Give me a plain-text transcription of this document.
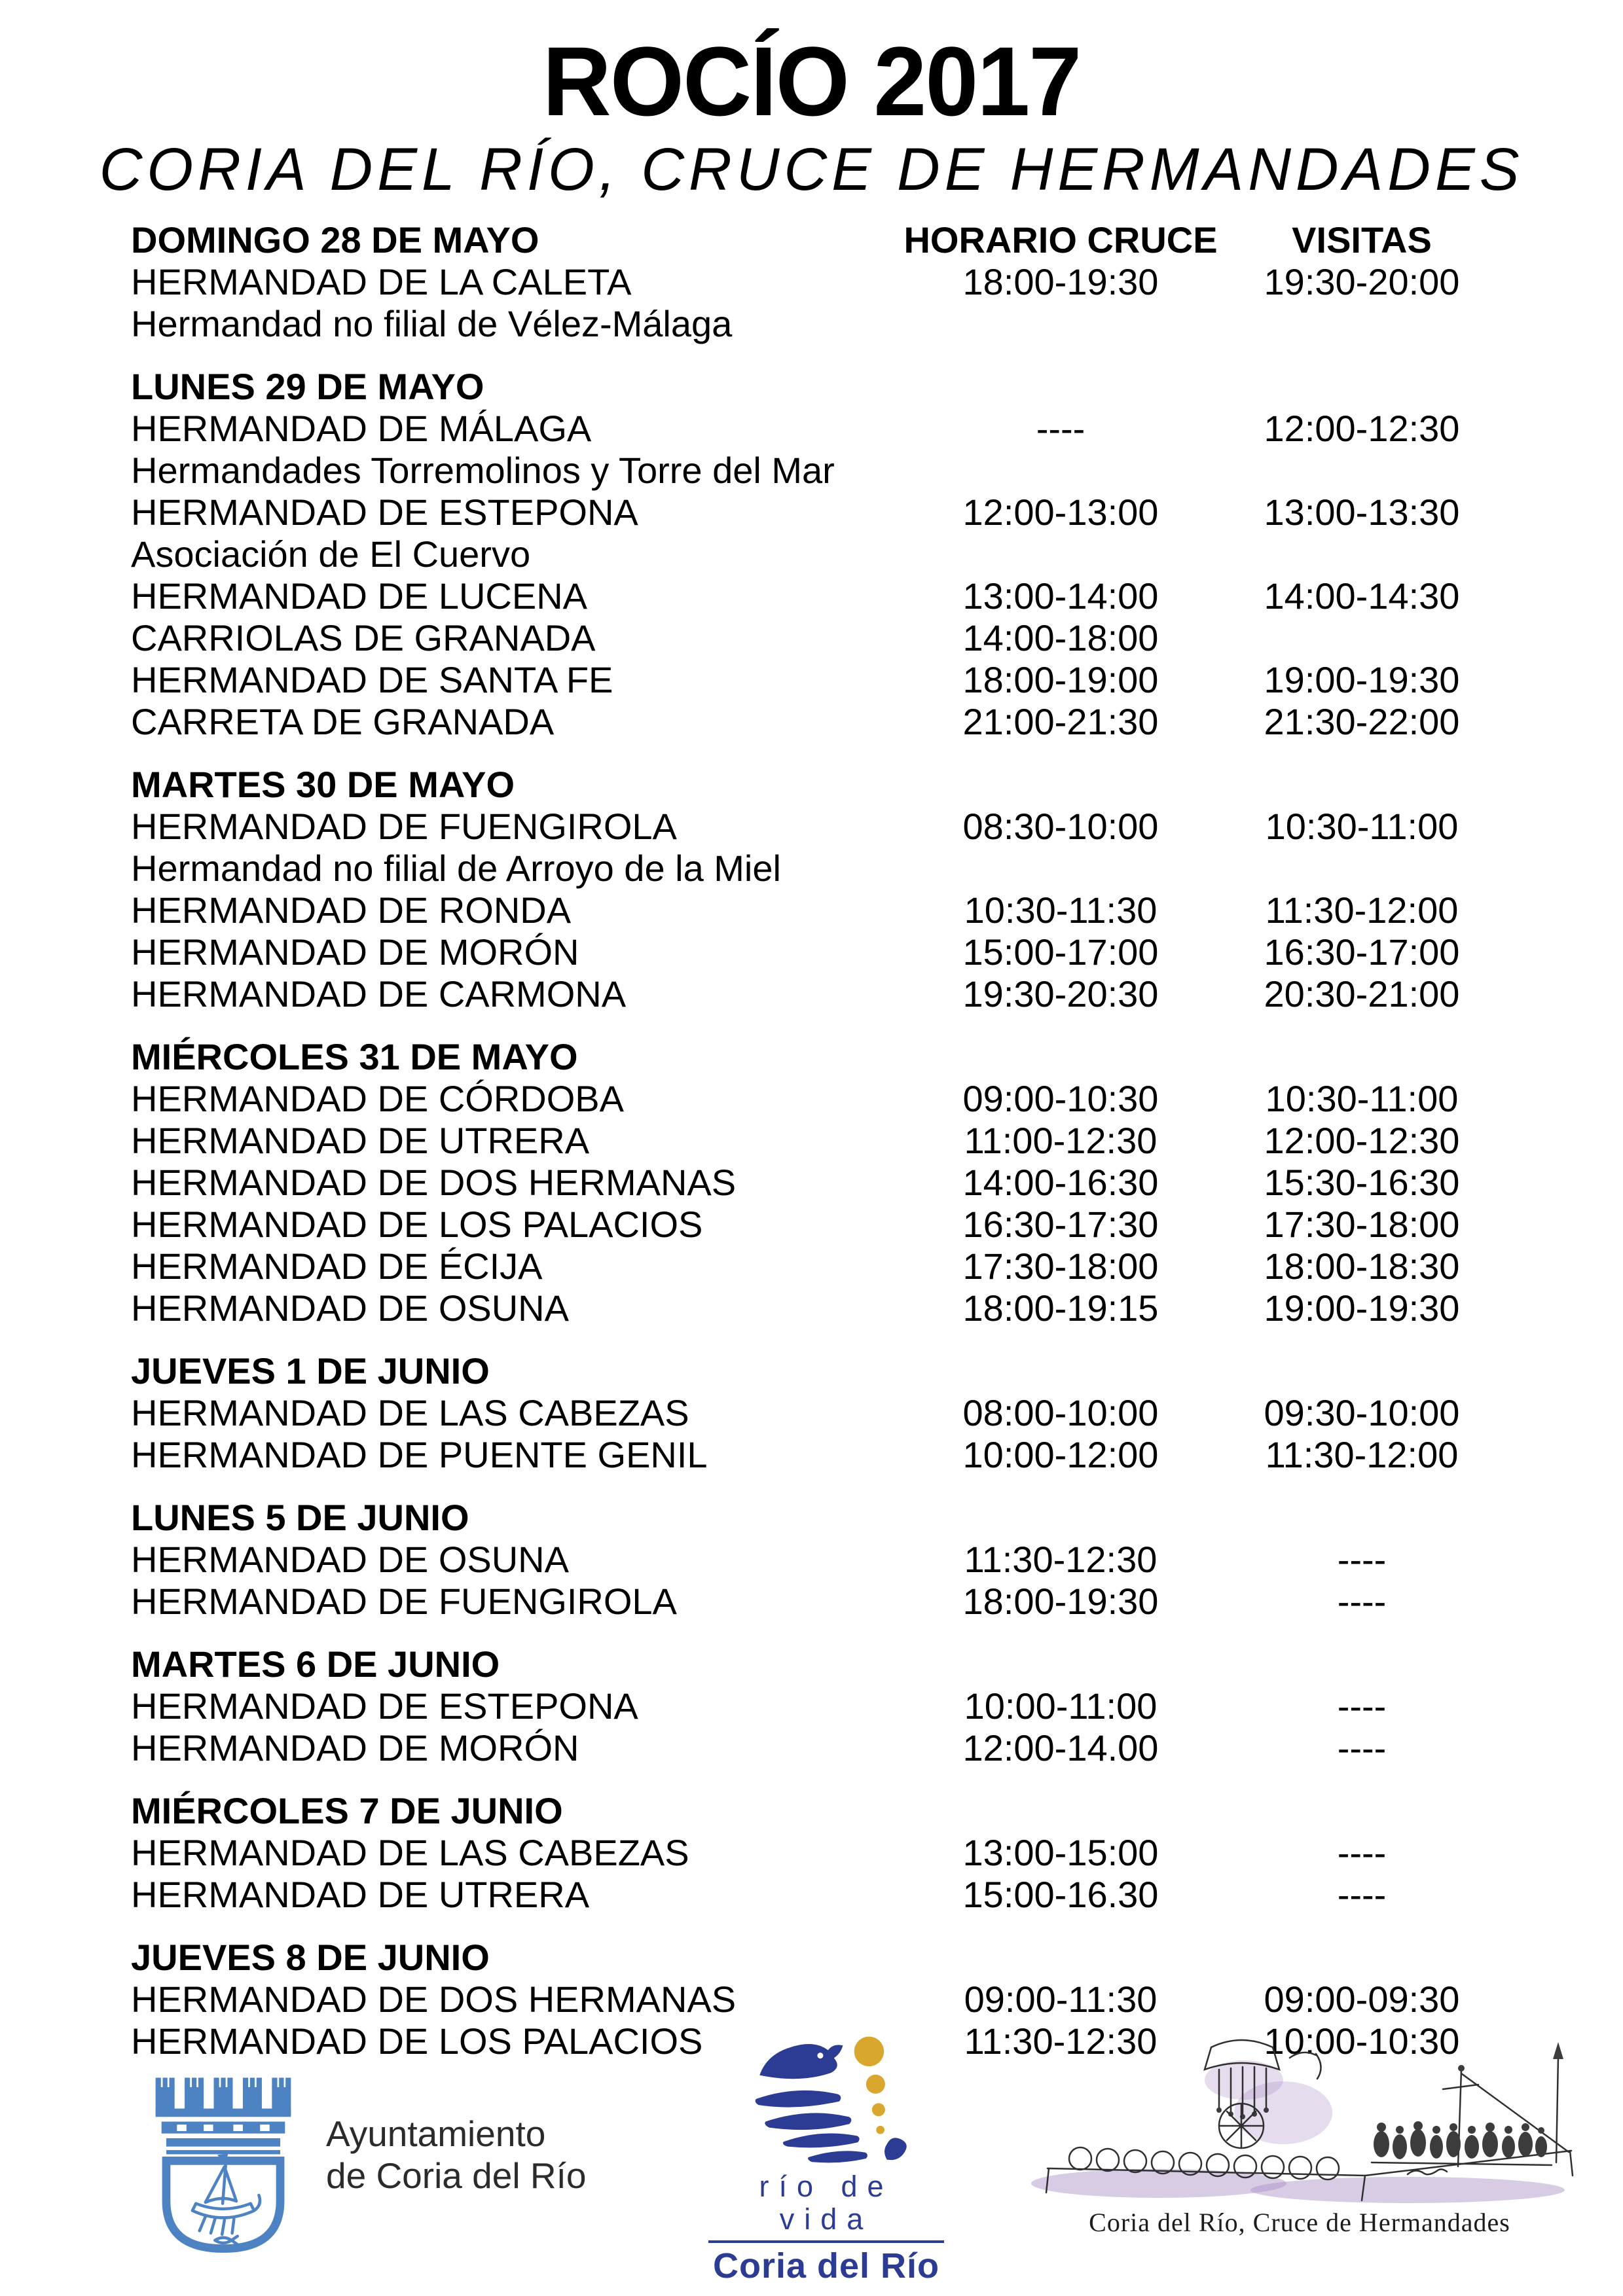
ROCÍO 2017
CORIA DEL RÍO, CRUCE DE HERMANDADES
DOMINGO 28 DE MAYO	HORARIO CRUCE	VISITAS
HERMANDAD DE LA CALETA	18:00-19:30	19:30-20:00
Hermandad no filial de Vélez-Málaga
LUNES 29 DE MAYO
HERMANDAD DE MÁLAGA	----	12:00-12:30
Hermandades Torremolinos y Torre del Mar
HERMANDAD DE ESTEPONA	12:00-13:00	13:00-13:30
Asociación de El Cuervo
HERMANDAD DE LUCENA	13:00-14:00	14:00-14:30
CARRIOLAS DE GRANADA	14:00-18:00
HERMANDAD DE SANTA FE	18:00-19:00	19:00-19:30
CARRETA DE GRANADA	21:00-21:30	21:30-22:00
MARTES 30 DE MAYO
HERMANDAD DE FUENGIROLA	08:30-10:00	10:30-11:00
Hermandad no filial de Arroyo de la Miel
HERMANDAD DE RONDA	10:30-11:30	11:30-12:00
HERMANDAD DE MORÓN	15:00-17:00	16:30-17:00
HERMANDAD DE CARMONA	19:30-20:30	20:30-21:00
MIÉRCOLES 31 DE MAYO
HERMANDAD DE CÓRDOBA	09:00-10:30	10:30-11:00
HERMANDAD DE UTRERA	11:00-12:30	12:00-12:30
HERMANDAD DE DOS HERMANAS	14:00-16:30	15:30-16:30
HERMANDAD DE LOS PALACIOS	16:30-17:30	17:30-18:00
HERMANDAD DE ÉCIJA	17:30-18:00	18:00-18:30
HERMANDAD DE OSUNA	18:00-19:15	19:00-19:30
JUEVES 1 DE JUNIO
HERMANDAD DE LAS CABEZAS	08:00-10:00	09:30-10:00
HERMANDAD DE PUENTE GENIL	10:00-12:00	11:30-12:00
LUNES 5 DE JUNIO
HERMANDAD DE OSUNA	11:30-12:30	----
HERMANDAD DE FUENGIROLA	18:00-19:30	----
MARTES 6 DE JUNIO
HERMANDAD DE ESTEPONA	10:00-11:00	----
HERMANDAD DE MORÓN	12:00-14.00	----
MIÉRCOLES 7 DE JUNIO
HERMANDAD DE LAS CABEZAS	13:00-15:00	----
HERMANDAD DE UTRERA	15:00-16.30	----
JUEVES 8 DE JUNIO
HERMANDAD DE DOS HERMANAS	09:00-11:30	09:00-09:30
HERMANDAD DE LOS PALACIOS	11:30-12:30	10:00-10:30
Ayuntamiento
de Coria del Río	río de vida
Coria del Río
Coria del Río, Cruce de Hermandades
